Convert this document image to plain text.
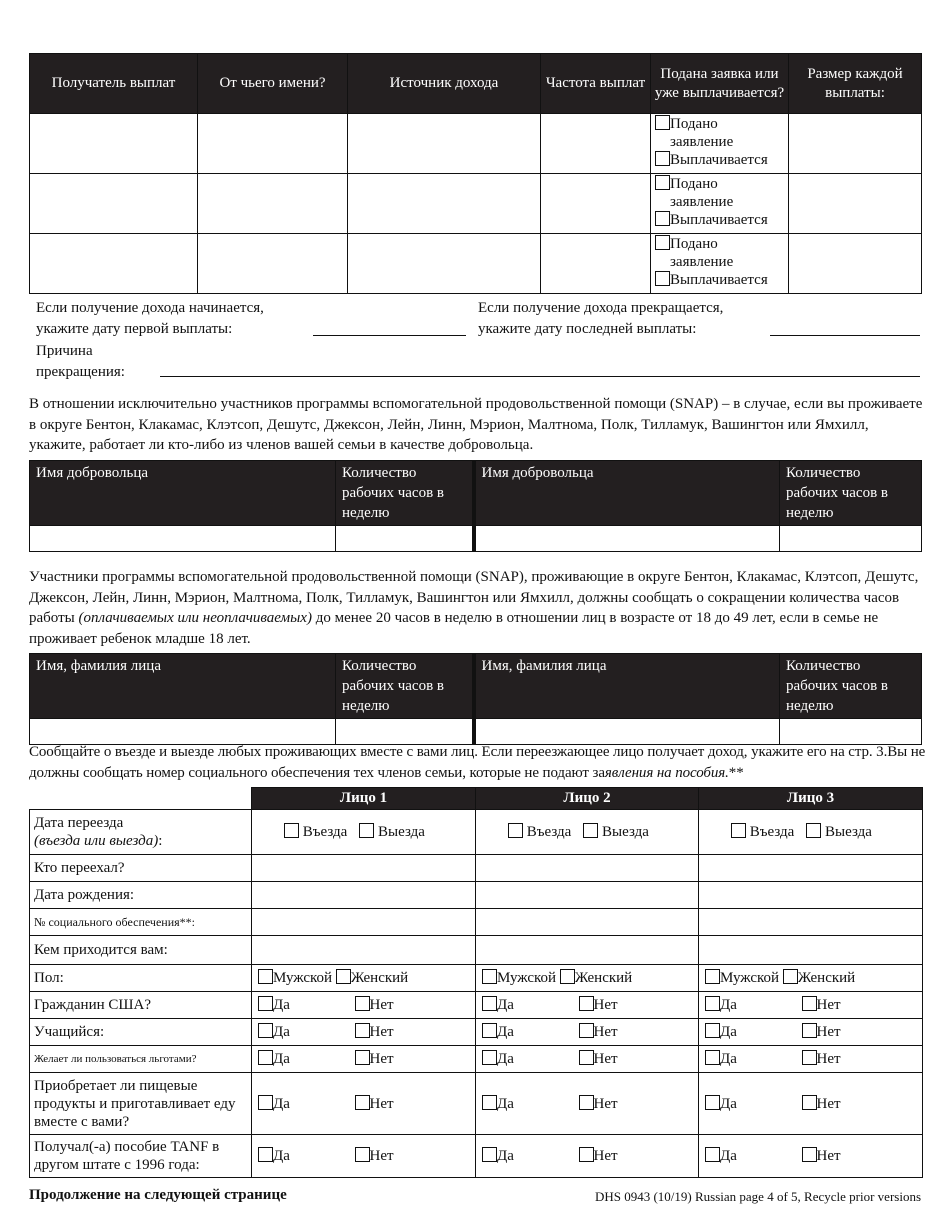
Получатель выплат	От чьего имени?	Источник дохода	Частота выплат	Подана заявка или уже выплачивается?	Размер каждой выплаты:

				Подано заявление
Выплачивается	

				Подано заявление
Выплачивается	

				Подано заявление
Выплачивается	

Если получение дохода начинается,
укажите дату первой выплаты:
Если получение дохода прекращается,
укажите дату последней выплаты:
Причина
прекращения:
В отношении исключительно участников программы вспомогательной продовольственной помощи (SNAP) – в случае, если вы проживаете в округе Бентон, Клакамас, Клэтсоп, Дешутс, Джексон, Лейн, Линн, Мэрион, Малтнома, Полк, Тилламук, Вашингтон или Ямхилл, укажите, работает ли кто-либо из членов вашей семьи в качестве добровольца.
Имя добровольца	Количество рабочих часов в неделю	Имя добровольца	Количество рабочих часов в неделю

Участники программы вспомогательной продовольственной помощи (SNAP), проживающие в округе Бентон, Клакамас, Клэтсоп, Дешутс, Джексон, Лейн, Линн, Мэрион, Малтнома, Полк, Тилламук, Вашингтон или Ямхилл, должны сообщать о сокращении количества часов работы (оплачиваемых или неоплачиваемых) до менее 20 часов в неделю в отношении лиц в возрасте от 18 до 49 лет, если в семье не проживает ребенок младше 18 лет.
Имя, фамилия лица	Количество рабочих часов в неделю	Имя, фамилия лица	Количество рабочих часов в неделю

Сообщайте о въезде и выезде любых проживающих вместе с вами лиц. Если переезжающее лицо получает доход, укажите его на стр. 3.Вы не должны сообщать номер социального обеспечения тех членов семьи, которые не подают заявления на пособия.**
	Лицо 1		Лицо 2		Лицо 3	

Дата переезда
(въезда или выезда):	Въезда Выезда		Въезда Выезда		Въезда Выезда	
Кто переехал?						
Дата рождения:						
№ социального обеспечения**:						
Кем приходится вам:						
Пол:	Мужской Женский		Мужской Женский		Мужской Женский	
Гражданин США?	Да	Нет	Да	Нет	Да	Нет
Учащийся:	Да	Нет	Да	Нет	Да	Нет
Желает ли пользоваться льготами?	Да	Нет	Да	Нет	Да	Нет
Приобретает ли пищевые продукты и приготавливает еду вместе с вами?	Да	Нет	Да	Нет	Да	Нет
Получал(-а) пособие TANF в другом штате с 1996 года:	Да	Нет	Да	Нет	Да	Нет
Продолжение на следующей странице	DHS 0943 (10/19) Russian page 4 of 5, Recycle prior versions
